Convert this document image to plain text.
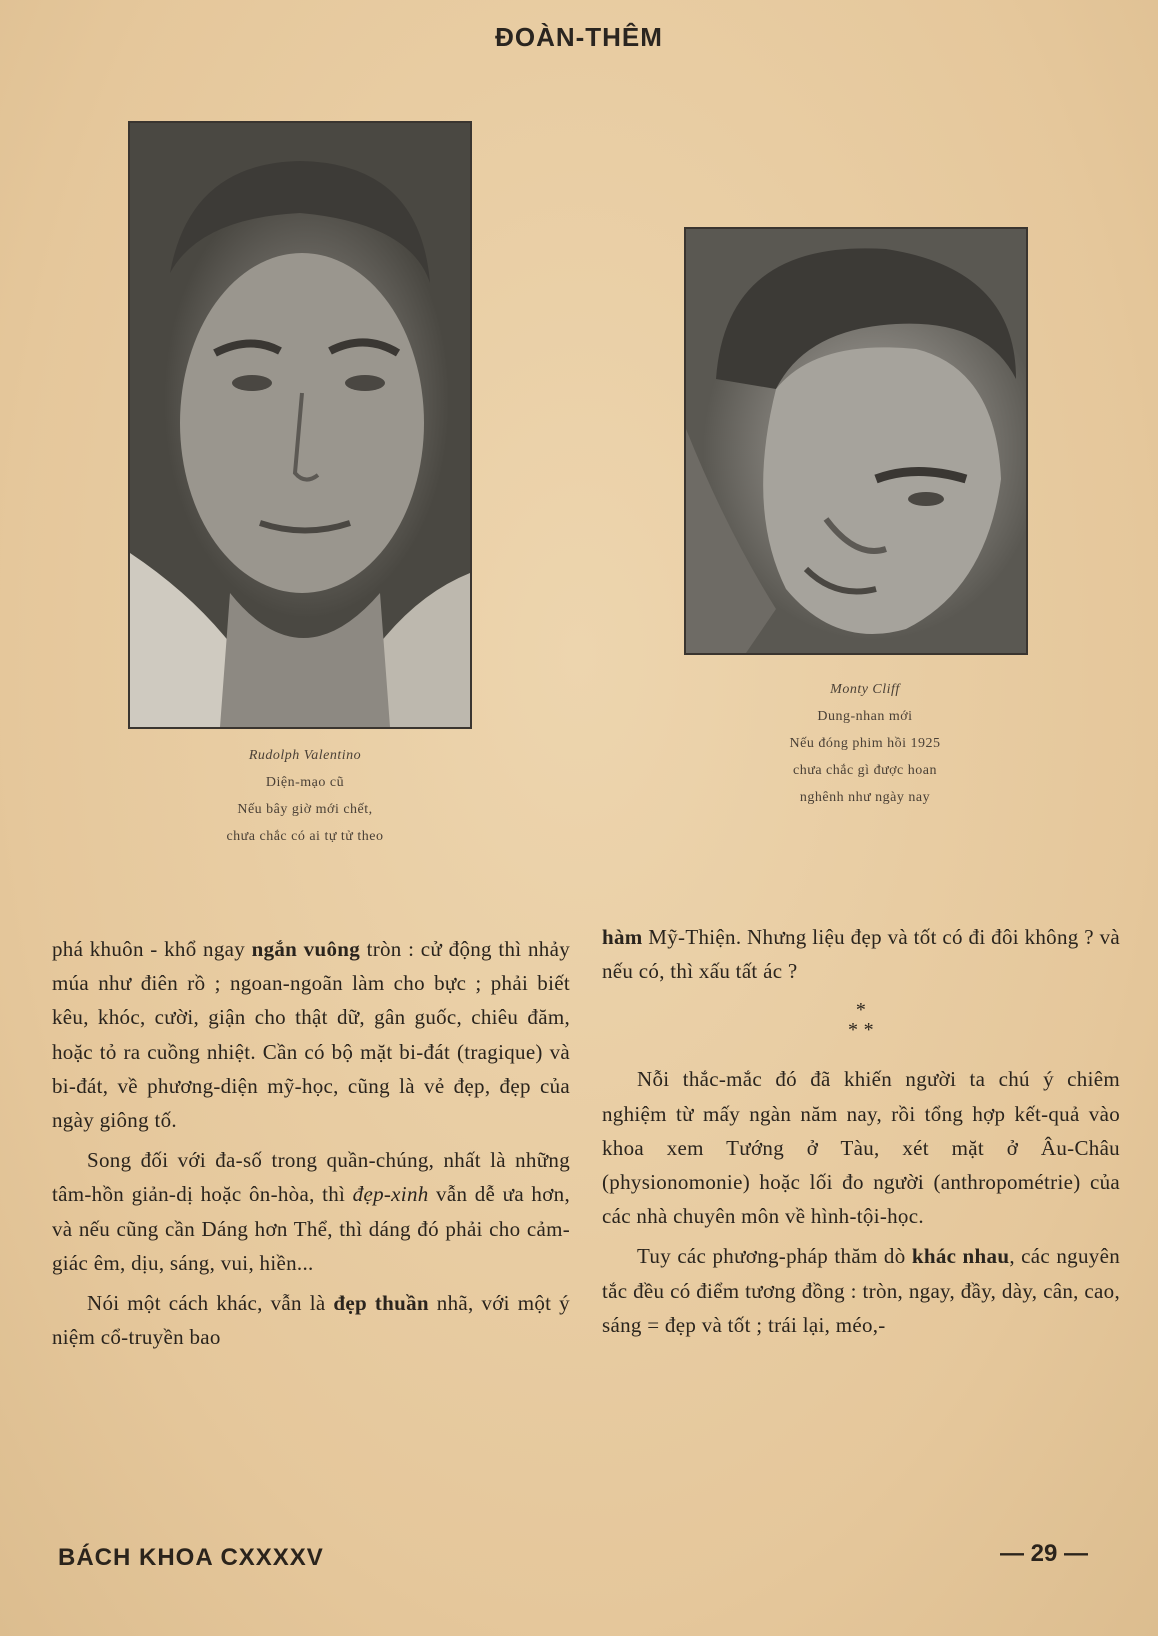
ĐOÀN-THÊM
Rudolph Valentino
Diện-mạo cũ
Nếu bây giờ mới chết,
chưa chắc có ai tự tử theo
Monty Cliff
Dung-nhan mới
Nếu đóng phim hồi 1925
chưa chắc gì được hoan
nghênh như ngày nay

phá khuôn - khổ ngay ngắn vuông tròn : cử động thì nhảy múa như điên rồ ; ngoan-ngoãn làm cho bực ; phải biết kêu, khóc, cười, giận cho thật dữ, gân guốc, chiêu đăm, hoặc tỏ ra cuồng nhiệt. Cần có bộ mặt bi-đát (tragique) và bi-đát, về phương-diện mỹ-học, cũng là vẻ đẹp, đẹp của ngày giông tố.

Song đối với đa-số trong quần-chúng, nhất là những tâm-hồn giản-dị hoặc ôn-hòa, thì đẹp-xinh vẫn dễ ưa hơn, và nếu cũng cần Dáng hơn Thể, thì dáng đó phải cho cảm-giác êm, dịu, sáng, vui, hiền...

Nói một cách khác, vẫn là đẹp thuần nhã, với một ý niệm cổ-truyền bao

hàm Mỹ-Thiện. Nhưng liệu đẹp và tốt có đi đôi không ? và nếu có, thì xấu tất ác ?

*
* *

Nỗi thắc-mắc đó đã khiến người ta chú ý chiêm nghiệm từ mấy ngàn năm nay, rồi tổng hợp kết-quả vào khoa xem Tướng ở Tàu, xét mặt ở Âu-Châu (physionomonie) hoặc lối đo người (anthropométrie) của các nhà chuyên môn về hình-tội-học.

Tuy các phương-pháp thăm dò khác nhau, các nguyên tắc đều có điểm tương đồng : tròn, ngay, đầy, dày, cân, cao, sáng = đẹp và tốt ; trái lại, méo,-

BÁCH KHOA CXXXXV	— 29 —
